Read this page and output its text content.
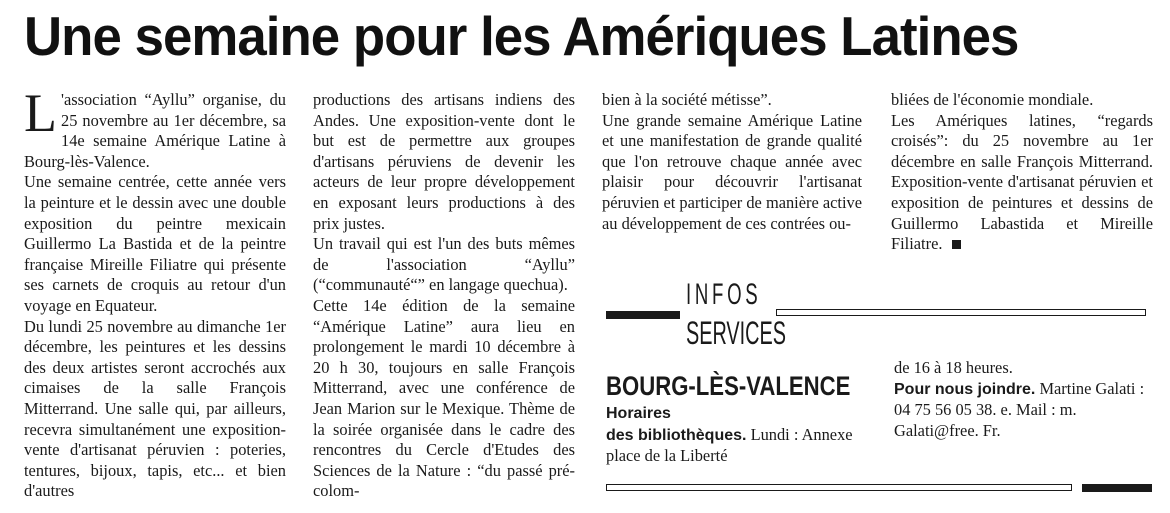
Une semaine pour les Amériques Latines

L 'association “Ayllu” organise, du 25 novembre au 1er décembre, sa 14e semaine Amérique Latine à Bourg-lès-Valence.

Une semaine centrée, cette année vers la peinture et le dessin avec une double exposition du peintre mexicain Guillermo La Bastida et de la peintre française Mireille Filiatre qui présente ses carnets de croquis au retour d'un voyage en Equateur.

Du lundi 25 novembre au dimanche 1er décembre, les peintures et les dessins des deux artistes seront accrochés aux cimaises de la salle François Mitterrand. Une salle qui, par ailleurs, recevra simultanément une exposition-vente d'artisanat péruvien : poteries, tentures, bijoux, tapis, etc... et bien d'autres

productions des artisans indiens des Andes. Une exposition-vente dont le but est de permettre aux groupes d'artisans péruviens de devenir les acteurs de leur propre développement en exposant leurs productions à des prix justes.

Un travail qui est l'un des buts mêmes de l'association “Ayllu” (“communauté“” en langage quechua).

Cette 14e édition de la semaine “Amérique Latine” aura lieu en prolongement le mardi 10 décembre à 20 h 30, toujours en salle François Mitterrand, avec une conférence de Jean Marion sur le Mexique. Thème de la soirée organisée dans le cadre des rencontres du Cercle d'Etudes des Sciences de la Nature : “du passé pré-colom-

bien à la société métisse”.

Une grande semaine Amérique Latine et une manifestation de grande qualité que l'on retrouve chaque année avec plaisir pour découvrir l'artisanat péruvien et participer de manière active au développement de ces contrées ou-

bliées de l'économie mondiale.

Les Amériques latines, “regards croisés”: du 25 novembre au 1er décembre en salle François Mitterrand. Exposition-vente d'artisanat péruvien et exposition de peintures et dessins de Guillermo Labastida et Mireille Filiatre.

INFOS
SERVICES
BOURG-LÈS-VALENCE
Horaires
des bibliothèques. Lundi : Annexe place de la Liberté
de 16 à 18 heures.
Pour nous joindre. Martine Galati : 04 75 56 05 38. e. Mail : m. Galati@free. Fr.
